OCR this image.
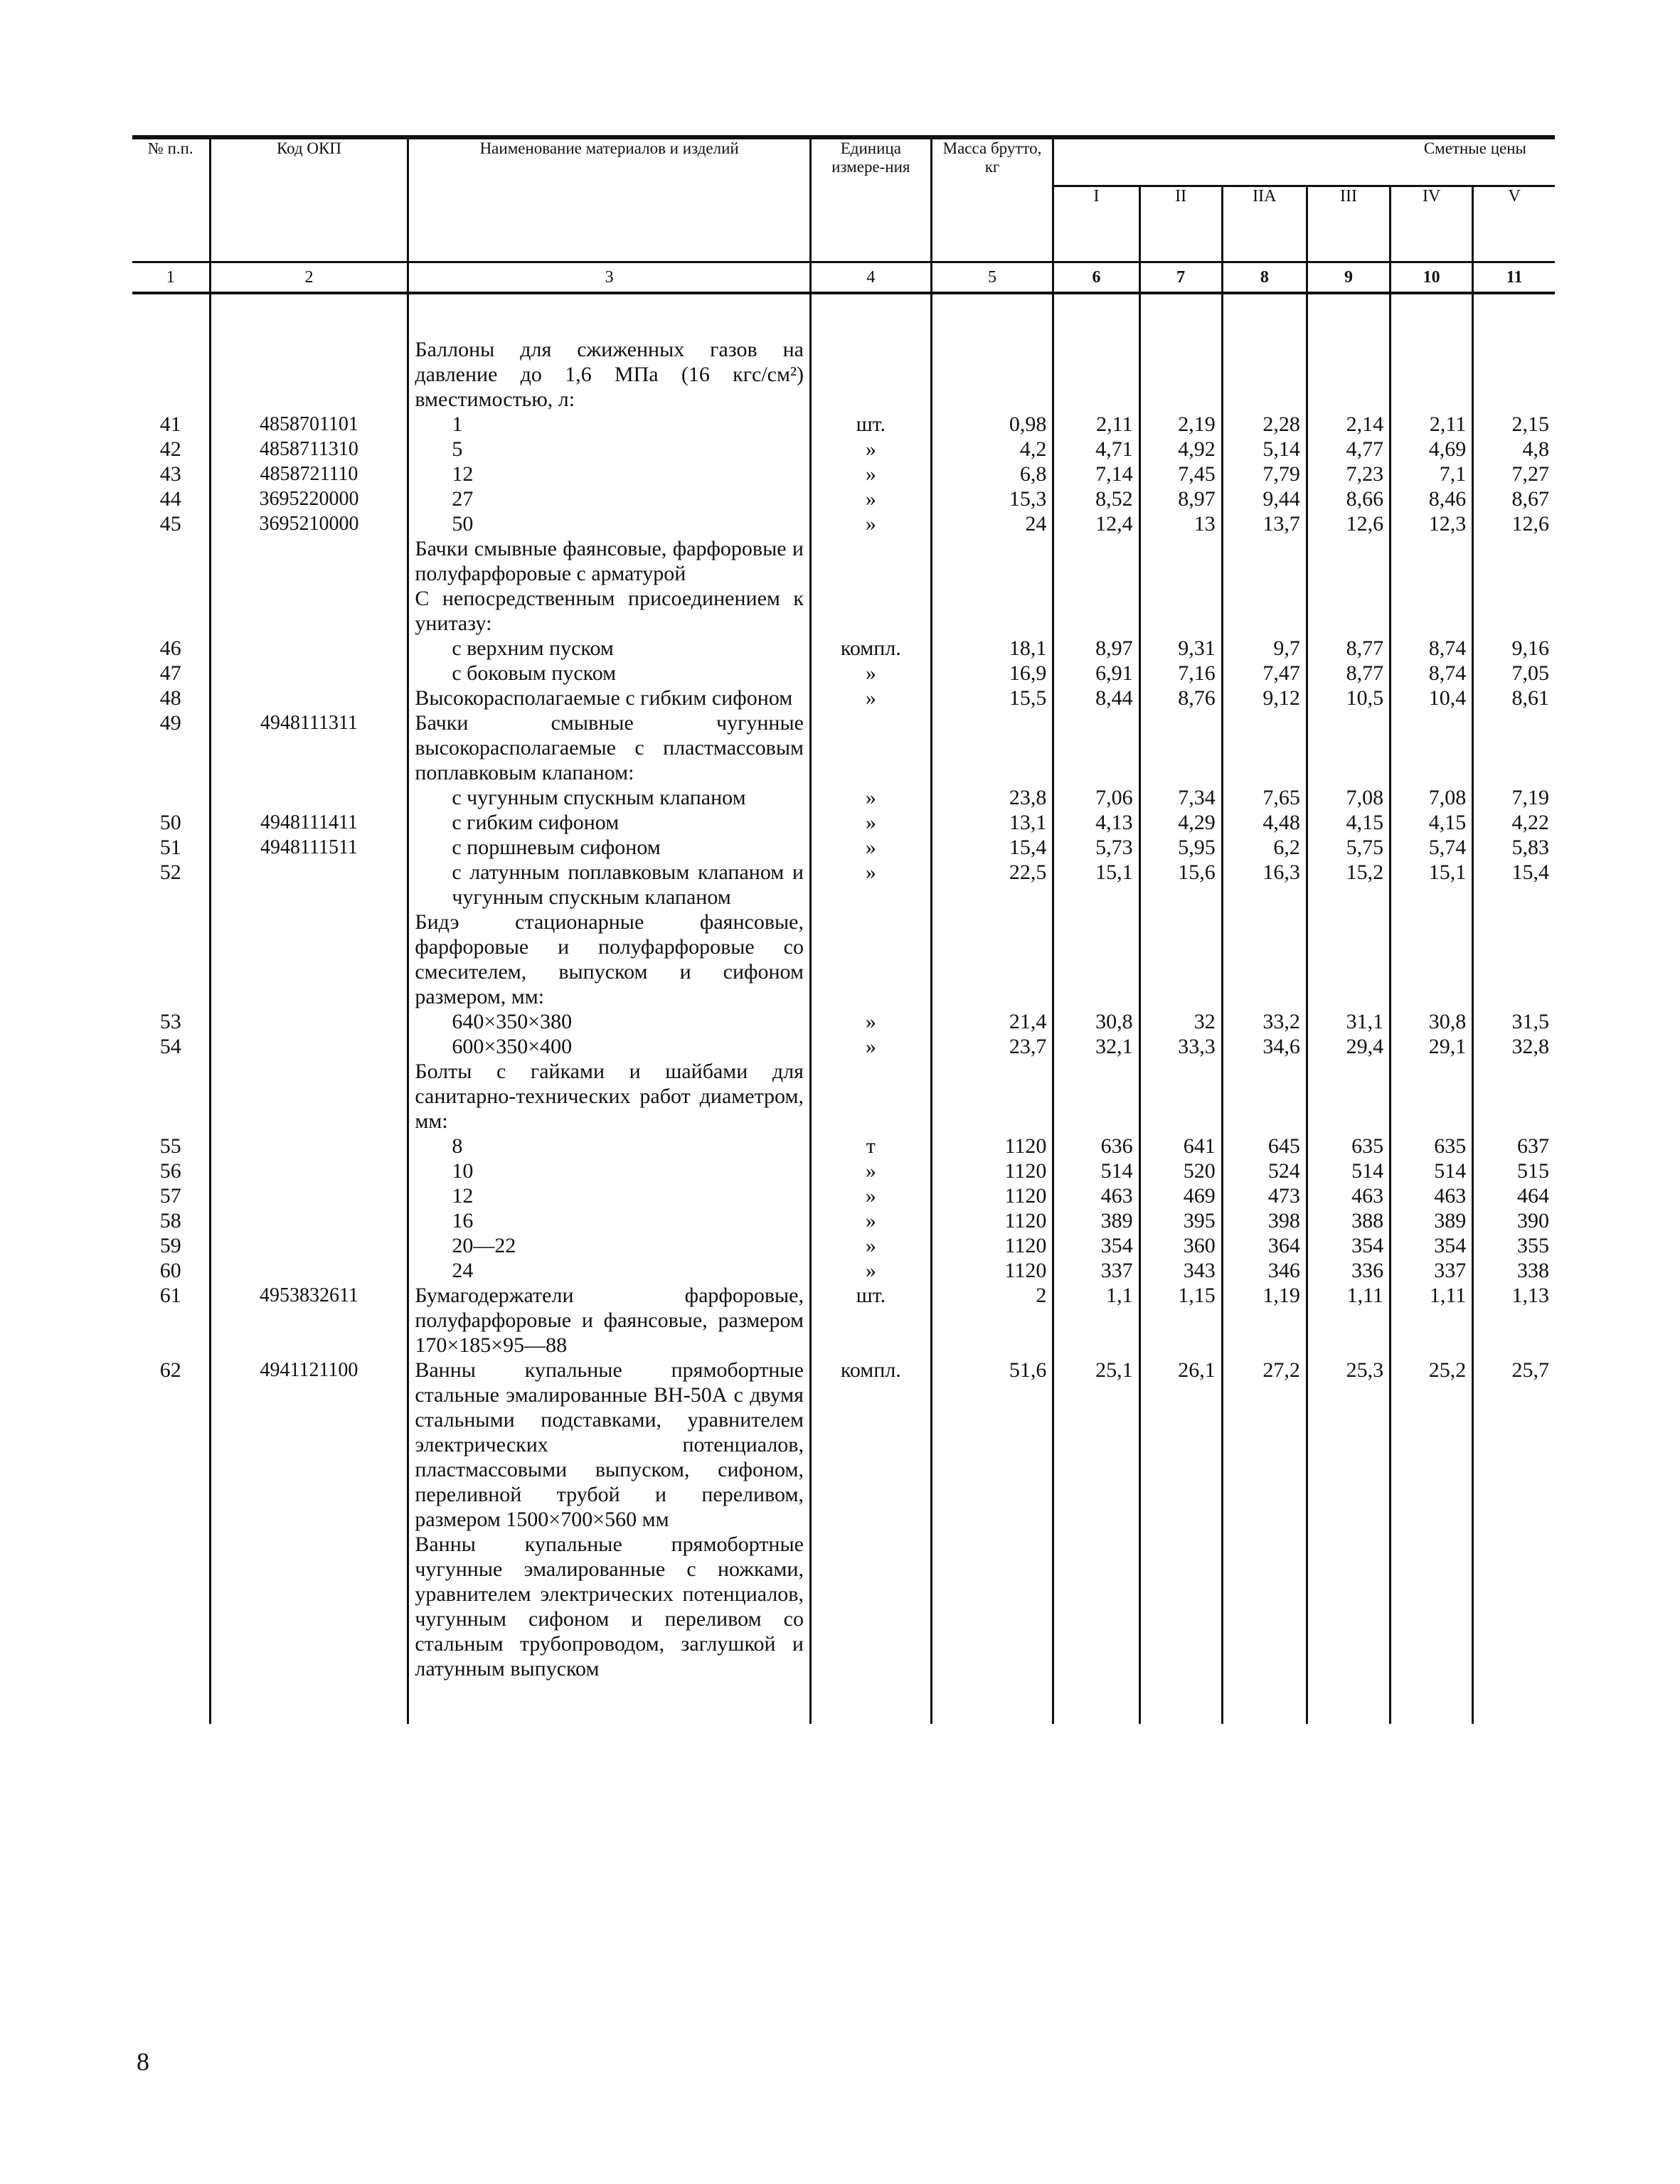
№ п.п.	Код ОКП	Наименование материалов и изделий	Единица измере-ния	Масса брутто, кг	Сметные цены					
					I	II	IIА	III	IV	V
1	2	3	4	5	6	7	8	9	10	11

		Баллоны для сжиженных газов на давление до 1,6 МПа (16 кгс/см²) вместимостью, л:								
41	4858701101	1	шт.	0,98	2,11	2,19	2,28	2,14	2,11	2,15
42	4858711310	5	»	4,2	4,71	4,92	5,14	4,77	4,69	4,8
43	4858721110	12	»	6,8	7,14	7,45	7,79	7,23	7,1	7,27
44	3695220000	27	»	15,3	8,52	8,97	9,44	8,66	8,46	8,67
45	3695210000	50	»	24	12,4	13	13,7	12,6	12,3	12,6
		Бачки смывные фаянсовые, фарфоровые и полуфарфоровые с арматурой								
		С непосредственным присоединением к унитазу:								
46		с верхним пуском	компл.	18,1	8,97	9,31	9,7	8,77	8,74	9,16
47		с боковым пуском	»	16,9	6,91	7,16	7,47	8,77	8,74	7,05
48		Высокорасполагаемые с гибким сифоном	»	15,5	8,44	8,76	9,12	10,5	10,4	8,61
49	4948111311	Бачки смывные чугунные высокорасполагаемые с пластмассовым поплавковым клапаном:								
		с чугунным спускным клапаном	»	23,8	7,06	7,34	7,65	7,08	7,08	7,19
50	4948111411	с гибким сифоном	»	13,1	4,13	4,29	4,48	4,15	4,15	4,22
51	4948111511	с поршневым сифоном	»	15,4	5,73	5,95	6,2	5,75	5,74	5,83
52		с латунным поплавковым клапаном и чугунным спускным клапаном	»	22,5	15,1	15,6	16,3	15,2	15,1	15,4
		Бидэ стационарные фаянсовые, фарфоровые и полуфарфоровые со смесителем, выпуском и сифоном размером, мм:								
53		640×350×380	»	21,4	30,8	32	33,2	31,1	30,8	31,5
54		600×350×400	»	23,7	32,1	33,3	34,6	29,4	29,1	32,8
		Болты с гайками и шайбами для санитарно-технических работ диаметром, мм:								
55		8	т	1120	636	641	645	635	635	637
56		10	»	1120	514	520	524	514	514	515
57		12	»	1120	463	469	473	463	463	464
58		16	»	1120	389	395	398	388	389	390
59		20—22	»	1120	354	360	364	354	354	355
60		24	»	1120	337	343	346	336	337	338
61	4953832611	Бумагодержатели фарфоровые, полуфарфоровые и фаянсовые, размером 170×185×95—88	шт.	2	1,1	1,15	1,19	1,11	1,11	1,13
62	4941121100	Ванны купальные прямобортные стальные эмалированные ВН-50А с двумя стальными подставками, уравнителем электрических потенциалов, пластмассовыми выпуском, сифоном, переливной трубой и переливом, размером 1500×700×560 мм	компл.	51,6	25,1	26,1	27,2	25,3	25,2	25,7
		Ванны купальные прямобортные чугунные эмалированные с ножками, уравнителем электрических потенциалов, чугунным сифоном и переливом со стальным трубопроводом, заглушкой и латунным выпуском								

8
